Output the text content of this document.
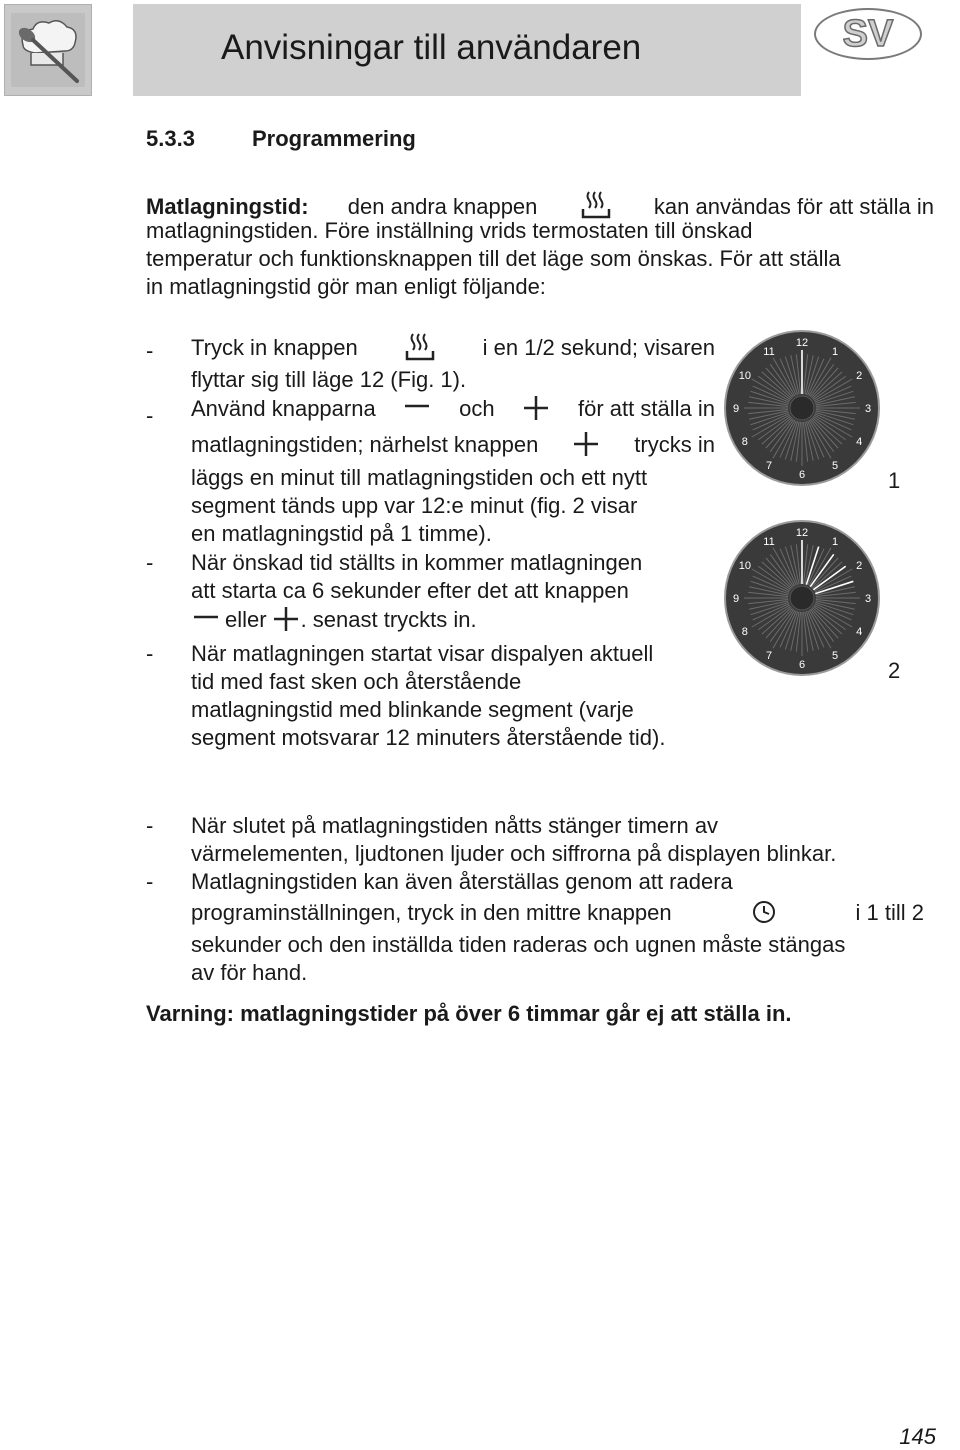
Anvisningar till användaren	SV
5.3.3	Programmering
Matlagningstid: den andra knappen	kan användas för att ställa in
matlagningstiden. Före inställning vrids termostaten till önskad
temperatur och funktionsknappen till det läge som önskas. För att ställa
in matlagningstid gör man enligt följande:
- Tryck in knappen	i en 1/2 sekund; visaren
flyttar sig till läge 12 (Fig. 1).
- Använd knapparna	och	för att ställa in
matlagningstiden; närhelst knappen	trycks in
läggs en minut till matlagningstiden och ett nytt
segment tänds upp var 12:e minut (fig. 2 visar
en matlagningstid på 1 timme).
- När önskad tid ställts in kommer matlagningen
att starta ca 6 sekunder efter det att knappen
eller . senast tryckts in.
- När matlagningen startat visar dispalyen aktuell
tid med fast sken och återstående
matlagningstid med blinkande segment (varje
segment motsvarar 12 minuters återstående tid).
12
1
2
3
4
5
6
7
8
9
10
11
1
12
1
2
3
4
5
6
7
8
9
10
11
2
- När slutet på matlagningstiden nåtts stänger timern av
värmelementen, ljudtonen ljuder och siffrorna på displayen blinkar.
- Matlagningstiden kan även återställas genom att radera
programinställningen, tryck in den mittre knappen	i 1 till 2
sekunder och den inställda tiden raderas och ugnen måste stängas
av för hand.
Varning: matlagningstider på över 6 timmar går ej att ställa in.
145
